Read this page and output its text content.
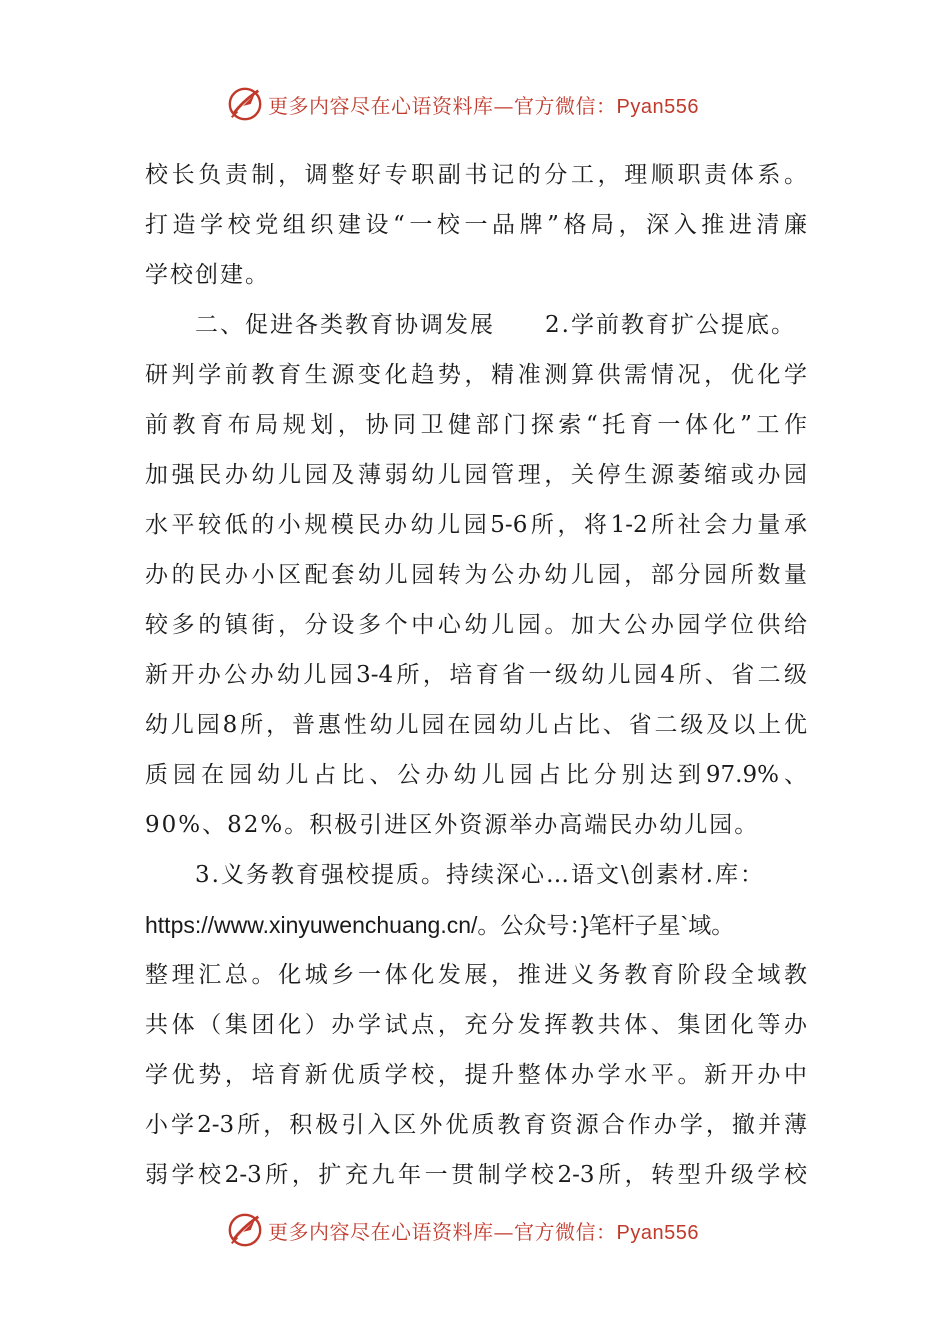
更多内容尽在心语资料库—官方微信：Pyan556
校长负责制，调整好专职副书记的分工，理顺职责体系。
打造学校党组织建设“一校一品牌”格局，深入推进清廉
学校创建。
二、促进各类教育协调发展　　2.学前教育扩公提底。
研判学前教育生源变化趋势，精准测算供需情况，优化学
前教育布局规划，协同卫健部门探索“托育一体化”工作
加强民办幼儿园及薄弱幼儿园管理，关停生源萎缩或办园
水平较低的小规模民办幼儿园5-6所，将1-2所社会力量承
办的民办小区配套幼儿园转为公办幼儿园，部分园所数量
较多的镇街，分设多个中心幼儿园。加大公办园学位供给
新开办公办幼儿园3-4所，培育省一级幼儿园4所、省二级
幼儿园8所，普惠性幼儿园在园幼儿占比、省二级及以上优
质园在园幼儿占比、公办幼儿园占比分别达到97.9%、
90%、82%。积极引进区外资源举办高端民办幼儿园。
3.义务教育强校提质。持续深心…语文\创素材.库：
https://www.xinyuwenchuang.cn/。公众号：}笔杆子星`域。
整理汇总。化城乡一体化发展，推进义务教育阶段全域教
共体（集团化）办学试点，充分发挥教共体、集团化等办
学优势，培育新优质学校，提升整体办学水平。新开办中
小学2-3所，积极引入区外优质教育资源合作办学，撤并薄
弱学校2-3所，扩充九年一贯制学校2-3所，转型升级学校
更多内容尽在心语资料库—官方微信：Pyan556
